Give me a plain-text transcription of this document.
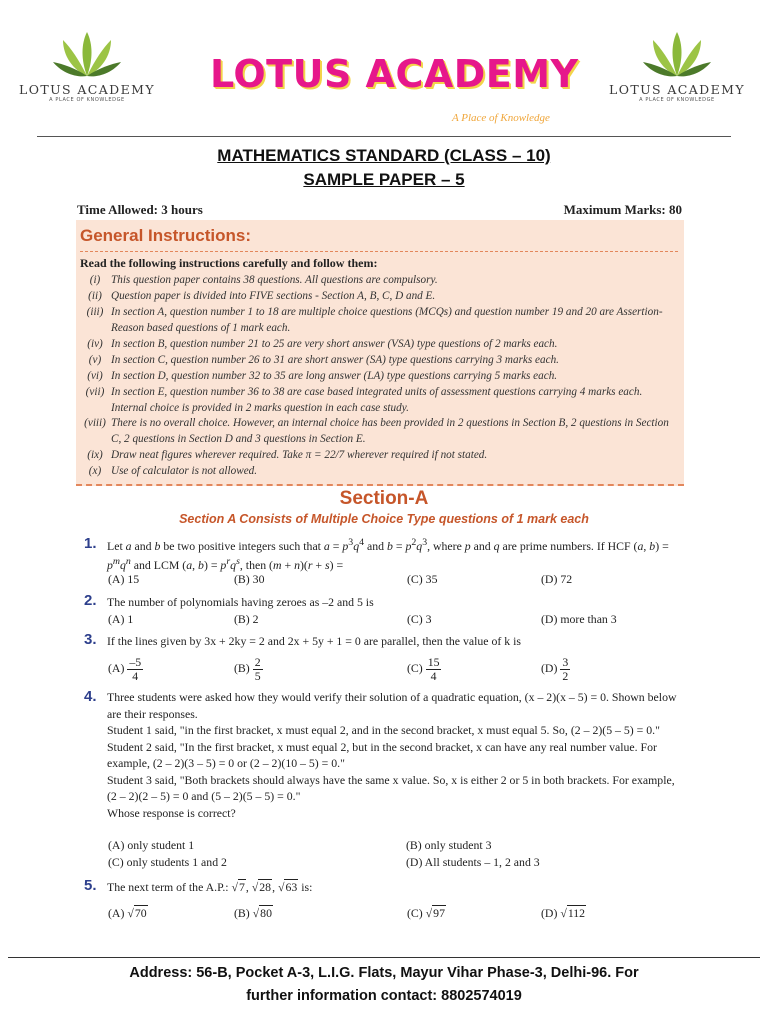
LOTUS ACADEMY
A PLACE OF KNOWLEDGE
LOTUS ACADEMY
A Place of Knowledge
LOTUS ACADEMY
A PLACE OF KNOWLEDGE
MATHEMATICS STANDARD (CLASS – 10)
SAMPLE PAPER – 5
Time Allowed: 3 hours	Maximum Marks: 80
General Instructions:
Read the following instructions carefully and follow them:
(i) This question paper contains 38 questions. All questions are compulsory.
(ii) Question paper is divided into FIVE sections - Section A, B, C, D and E.
(iii) In section A, question number 1 to 18 are multiple choice questions (MCQs) and question number 19 and 20 are Assertion-Reason based questions of 1 mark each.
(iv) In section B, question number 21 to 25 are very short answer (VSA) type questions of 2 marks each.
(v) In section C, question number 26 to 31 are short answer (SA) type questions carrying 3 marks each.
(vi) In section D, question number 32 to 35 are long answer (LA) type questions carrying 5 marks each.
(vii) In section E, question number 36 to 38 are case based integrated units of assessment questions carrying 4 marks each. Internal choice is provided in 2 marks question in each case study.
(viii) There is no overall choice. However, an internal choice has been provided in 2 questions in Section B, 2 questions in Section C, 2 questions in Section D and 3 questions in Section E.
(ix) Draw neat figures wherever required. Take π = 22/7 wherever required if not stated.
(x) Use of calculator is not allowed.
Section-A
Section A Consists of Multiple Choice Type questions of 1 mark each
1. Let a and b be two positive integers such that $a = p^3q^4$ and $b = p^2q^3$, where p and q are prime numbers. If HCF (a, $b) = p^mq^n$ and LCM (a, $b) = p^rq^s$, then (m + n)(r + s) =
(A) 15	(B) 30	(C) 35	(D) 72
2. The number of polynomials having zeroes as –2 and 5 is
(A) 1	(B) 2	(C) 3	(D) more than 3
3. If the lines given by 3x + 2ky = 2 and 2x + 5y + 1 = 0 are parallel, then the value of k is
$(A) \frac{-5}{4}$	$(B) \frac{2}{5}$	$(C) \frac{15}{4}$	$(D) \frac{3}{2}$
4. Three students were asked how they would verify their solution of a quadratic equation, (x – 2)(x – 5) = 0. Shown below are their responses.
Student 1 said, "in the first bracket, x must equal 2, and in the second bracket, x must equal 5. So, (2 – 2)(5 – 5) = 0."
Student 2 said, "In the first bracket, x must equal 2, but in the second bracket, x can have any real number value. For example, (2 – 2)(3 – 5) = 0 or (2 – 2)(10 – 5) = 0."
Student 3 said, "Both brackets should always have the same x value. So, x is either 2 or 5 in both brackets. For example, (2 – 2)(2 – 5) = 0 and (5 – 2)(5 – 5) = 0."
Whose response is correct?
(A) only student 1	(B) only student 3
(C) only students 1 and 2	(D) All students – 1, 2 and 3
5. The next term of the A.P.: √7, √28, √63 is:
(A) √70	(B) √80	(C) √97	(D) √112
Address: 56-B, Pocket A-3, L.I.G. Flats, Mayur Vihar Phase-3, Delhi-96. For
further information contact: 8802574019
